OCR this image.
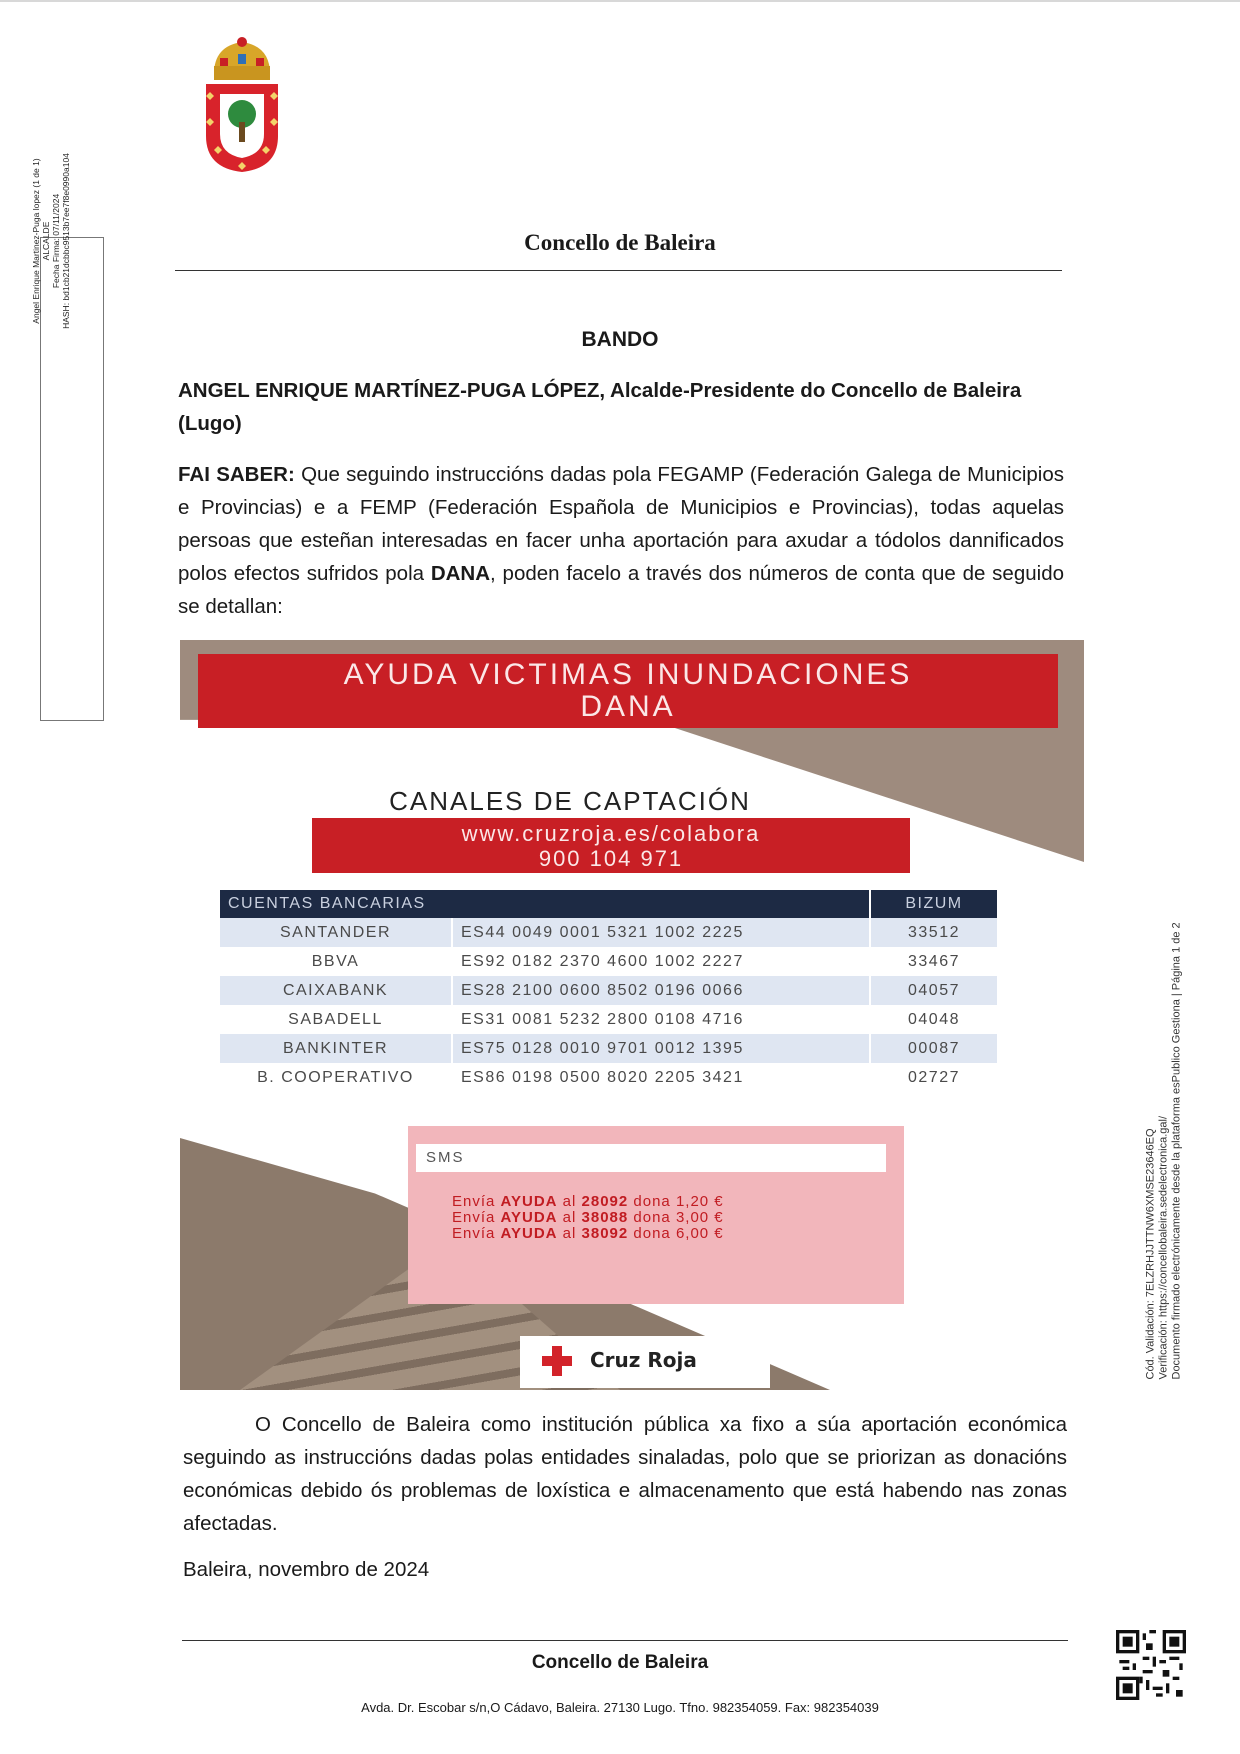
Concello de Baleira
Angel Enrique Martinez-Puga lopez (1 de 1) ALCALDE Fecha Firma: 07/11/2024 HASH: bd1cb21dcbbc9513b7ee7f8e0990a104
Cód. Validación: 7ELZRHJJTTNW6XMSE23646EQ Verificación: https://concellobaleira.sedelectronica.gal/ Documento firmado electrónicamente desde la plataforma esPublico Gestiona | Página 1 de 2
BANDO
ANGEL ENRIQUE MARTÍNEZ-PUGA LÓPEZ, Alcalde-Presidente do Concello de Baleira (Lugo)
FAI SABER: Que seguindo instruccións dadas pola FEGAMP (Federación Galega de Municipios e Provincias) e a FEMP (Federación Española de Municipios e Provincias), todas aquelas persoas que esteñan interesadas en facer unha aportación para axudar a tódolos dannificados polos efectos sufridos pola DANA, poden facelo a través dos números de conta que de seguido se detallan:
AYUDA VICTIMAS INUNDACIONES
DANA
CANALES DE CAPTACIÓN
www.cruzroja.es/colabora
900 104 971
CUENTAS BANCARIAS		BIZUM
SANTANDER	ES44 0049 0001 5321 1002 2225	33512
BBVA	ES92 0182 2370 4600 1002 2227	33467
CAIXABANK	ES28 2100 0600 8502 0196 0066	04057
SABADELL	ES31 0081 5232 2800 0108 4716	04048
BANKINTER	ES75 0128 0010 9701 0012 1395	00087
B. COOPERATIVO	ES86 0198 0500 8020 2205 3421	02727
SMS
Envía AYUDA al 28092 dona 1,20 €
Envía AYUDA al 38088 dona 3,00 €
Envía AYUDA al 38092 dona 6,00 €
Cruz Roja
O Concello de Baleira como institución pública xa fixo a súa aportación económica seguindo as instruccións dadas polas entidades sinaladas, polo que se priorizan as donacións económicas debido ós problemas de loxística e almacenamento que está habendo nas zonas afectadas.
Baleira, novembro de 2024
Concello de Baleira
Avda. Dr. Escobar s/n,O Cádavo, Baleira. 27130 Lugo. Tfno. 982354059. Fax: 982354039
